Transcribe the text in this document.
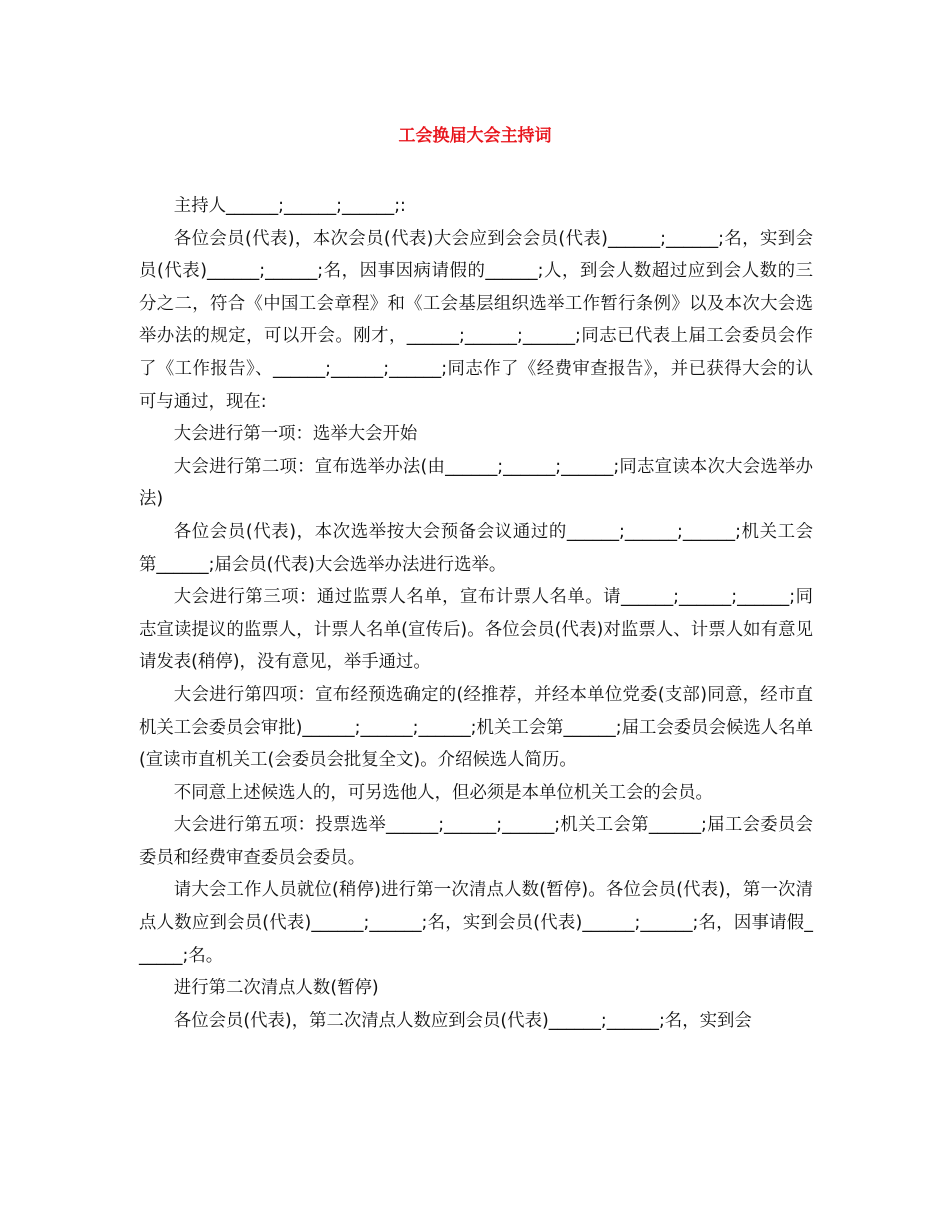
工会换届大会主持词

主持人______;______;______;:

各位会员(代表)，本次会员(代表)大会应到会会员(代表)______;______;名，实到会员(代表)______;______;名，因事因病请假的______;人，到会人数超过应到会人数的三分之二，符合《中国工会章程》和《工会基层组织选举工作暂行条例》以及本次大会选举办法的规定，可以开会。刚才，______;______;______;同志已代表上届工会委员会作了《工作报告》、______;______;______;同志作了《经费审查报告》，并已获得大会的认可与通过，现在:

大会进行第一项：选举大会开始

大会进行第二项：宣布选举办法(由______;______;______;同志宣读本次大会选举办法)

各位会员(代表)，本次选举按大会预备会议通过的______;______;______;机关工会第______;届会员(代表)大会选举办法进行选举。

大会进行第三项：通过监票人名单，宣布计票人名单。请______;______;______;同志宣读提议的监票人，计票人名单(宣传后)。各位会员(代表)对监票人、计票人如有意见请发表(稍停)，没有意见，举手通过。

大会进行第四项：宣布经预选确定的(经推荐，并经本单位党委(支部)同意，经市直机关工会委员会审批)______;______;______;机关工会第______;届工会委员会候选人名单(宣读市直机关工(会委员会批复全文)。介绍候选人简历。

不同意上述候选人的，可另选他人，但必须是本单位机关工会的会员。

大会进行第五项：投票选举______;______;______;机关工会第______;届工会委员会委员和经费审查委员会委员。

请大会工作人员就位(稍停)进行第一次清点人数(暂停)。各位会员(代表)，第一次清点人数应到会员(代表)______;______;名，实到会员(代表)______;______;名，因事请假______;名。

进行第二次清点人数(暂停)

各位会员(代表)，第二次清点人数应到会员(代表)______;______;名，实到会
